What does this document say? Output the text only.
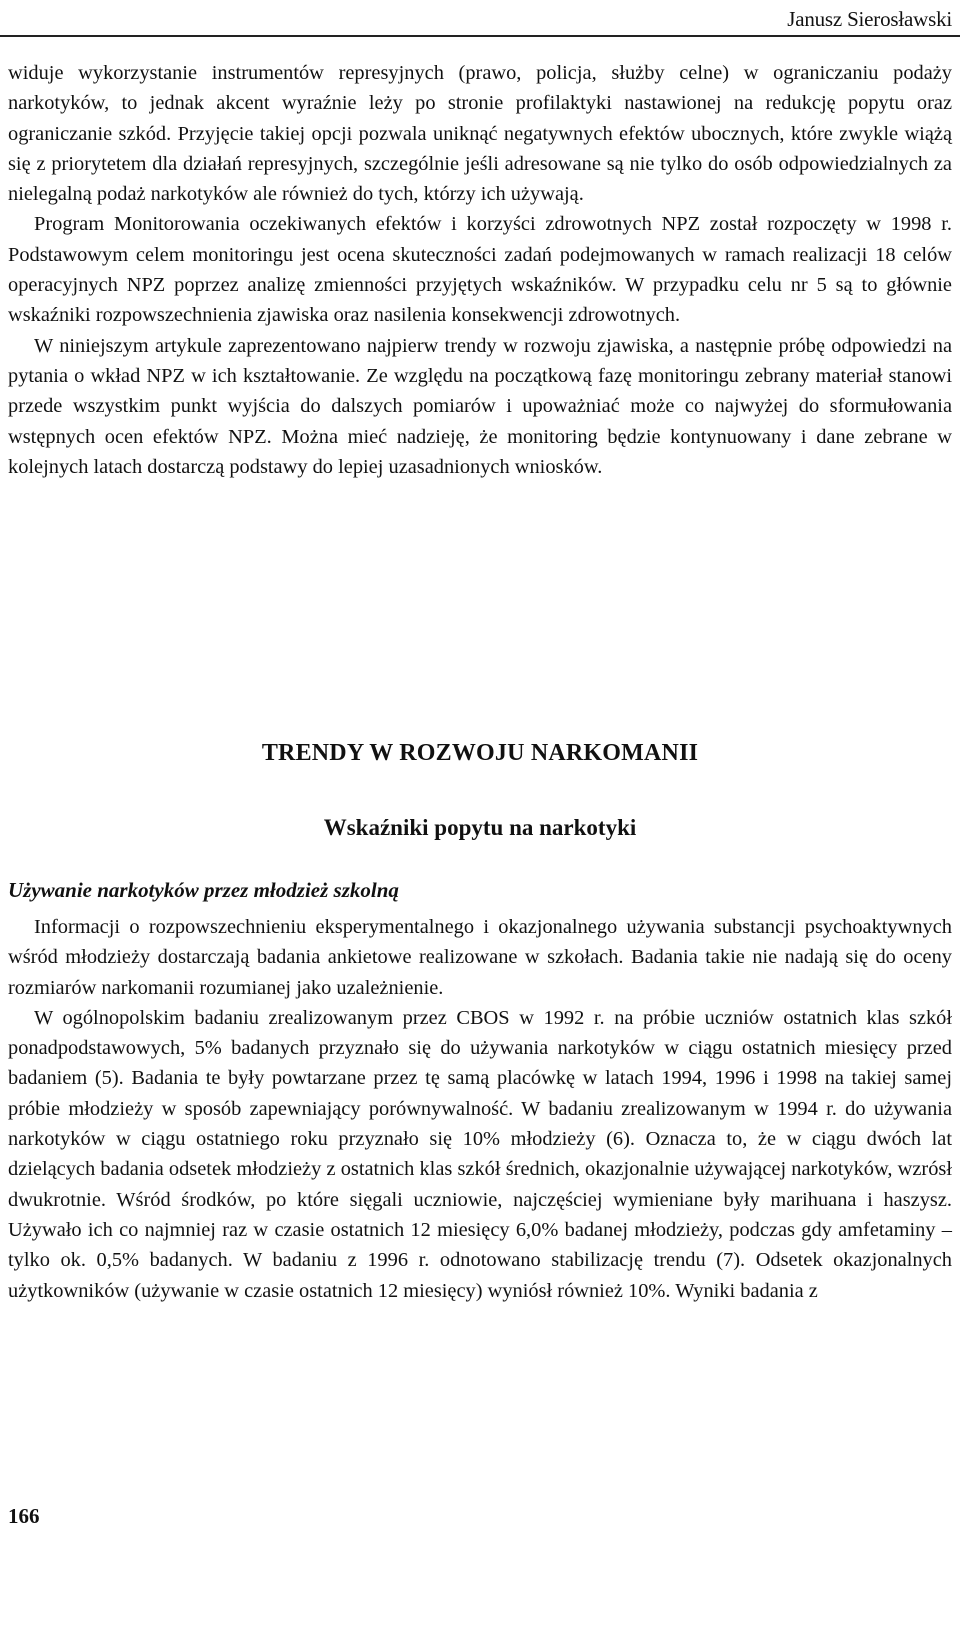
Janusz Sierosławski

widuje wykorzystanie instrumentów represyjnych (prawo, policja, służby celne) w ograniczaniu podaży narkotyków, to jednak akcent wyraźnie leży po stronie profilaktyki nastawionej na redukcję popytu oraz ograniczanie szkód. Przyjęcie takiej opcji pozwala uniknąć negatywnych efektów ubocznych, które zwykle wiążą się z priorytetem dla działań represyjnych, szczególnie jeśli adresowane są nie tylko do osób odpowiedzialnych za nielegalną podaż narkotyków ale również do tych, którzy ich używają.

Program Monitorowania oczekiwanych efektów i korzyści zdrowotnych NPZ został rozpoczęty w 1998 r. Podstawowym celem monitoringu jest ocena skuteczności zadań podejmowanych w ramach realizacji 18 celów operacyjnych NPZ poprzez analizę zmienności przyjętych wskaźników. W przypadku celu nr 5 są to głównie wskaźniki rozpowszechnienia zjawiska oraz nasilenia konsekwencji zdrowotnych.

W niniejszym artykule zaprezentowano najpierw trendy w rozwoju zjawiska, a następnie próbę odpowiedzi na pytania o wkład NPZ w ich kształtowanie. Ze względu na początkową fazę monitoringu zebrany materiał stanowi przede wszystkim punkt wyjścia do dalszych pomiarów i upoważniać może co najwyżej do sformułowania wstępnych ocen efektów NPZ. Można mieć nadzieję, że monitoring będzie kontynuowany i dane zebrane w kolejnych latach dostarczą podstawy do lepiej uzasadnionych wniosków.

TRENDY W ROZWOJU NARKOMANII
Wskaźniki popytu na narkotyki
Używanie narkotyków przez młodzież szkolną

Informacji o rozpowszechnieniu eksperymentalnego i okazjonalnego używania substancji psychoaktywnych wśród młodzieży dostarczają badania ankietowe realizowane w szkołach. Badania takie nie nadają się do oceny rozmiarów narkomanii rozumianej jako uzależnienie.

W ogólnopolskim badaniu zrealizowanym przez CBOS w 1992 r. na próbie uczniów ostatnich klas szkół ponadpodstawowych, 5% badanych przyznało się do używania narkotyków w ciągu ostatnich miesięcy przed badaniem (5). Badania te były powtarzane przez tę samą placówkę w latach 1994, 1996 i 1998 na takiej samej próbie młodzieży w sposób zapewniający porównywalność. W badaniu zrealizowanym w 1994 r. do używania narkotyków w ciągu ostatniego roku przyznało się 10% młodzieży (6). Oznacza to, że w ciągu dwóch lat dzielących badania odsetek młodzieży z ostatnich klas szkół średnich, okazjonalnie używającej narkotyków, wzrósł dwukrotnie. Wśród środków, po które sięgali uczniowie, najczęściej wymieniane były marihuana i haszysz. Używało ich co najmniej raz w czasie ostatnich 12 miesięcy 6,0% badanej młodzieży, podczas gdy amfetaminy – tylko ok. 0,5% badanych. W badaniu z 1996 r. odnotowano stabilizację trendu (7). Odsetek okazjonalnych użytkowników (używanie w czasie ostatnich 12 miesięcy) wyniósł również 10%. Wyniki badania z

166
